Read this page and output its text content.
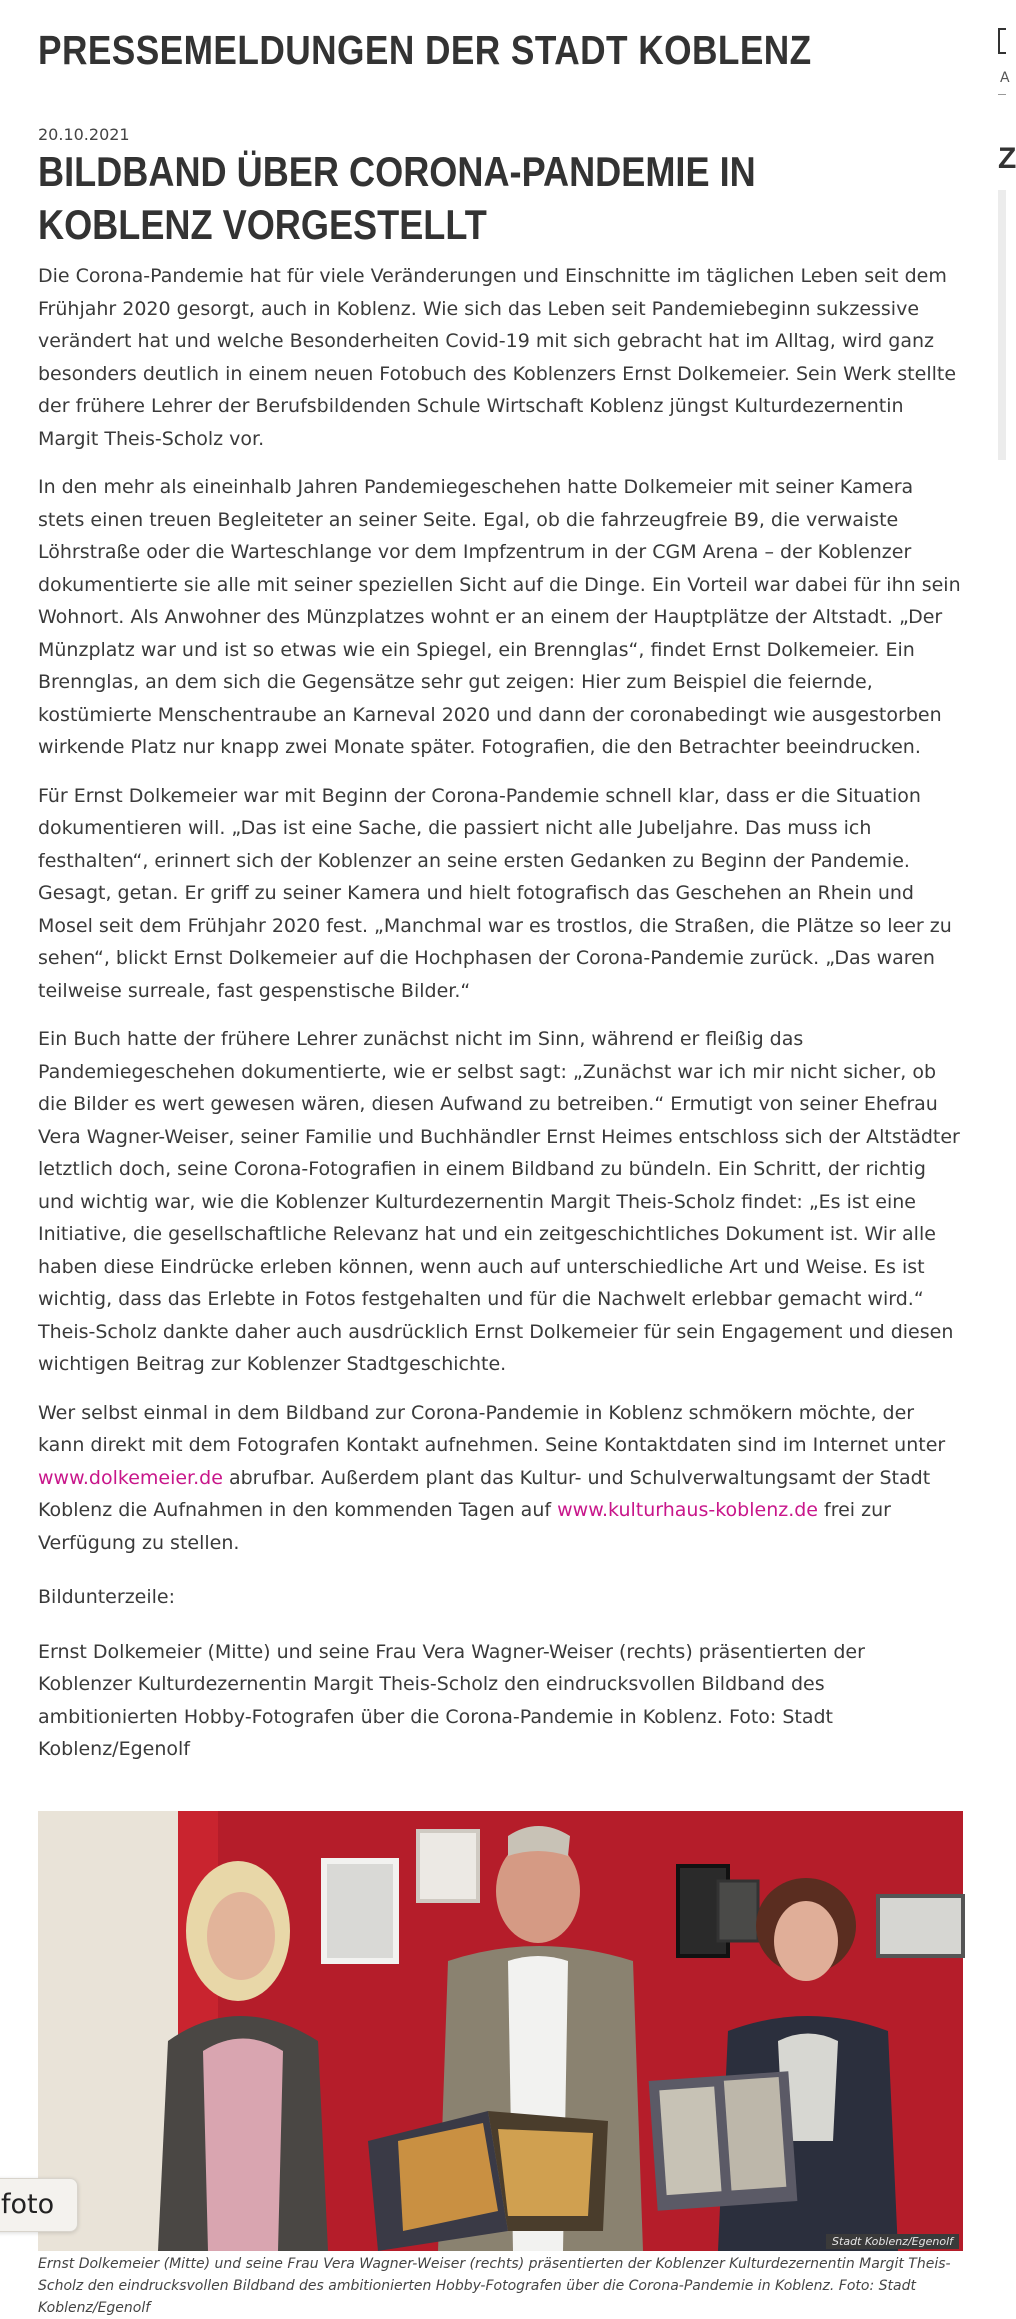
PRESSEMELDUNGEN DER STADT KOBLENZ
20.10.2021
BILDBAND ÜBER CORONA-PANDEMIE IN KOBLENZ VORGESTELLT

Die Corona-Pandemie hat für viele Veränderungen und Einschnitte im täglichen Leben seit dem Frühjahr 2020 gesorgt, auch in Koblenz. Wie sich das Leben seit Pandemiebeginn sukzessive verändert hat und welche Besonderheiten Covid-19 mit sich gebracht hat im Alltag, wird ganz besonders deutlich in einem neuen Fotobuch des Koblenzers Ernst Dolkemeier. Sein Werk stellte der frühere Lehrer der Berufsbildenden Schule Wirtschaft Koblenz jüngst Kulturdezernentin Margit Theis-Scholz vor.

In den mehr als eineinhalb Jahren Pandemiegeschehen hatte Dolkemeier mit seiner Kamera stets einen treuen Begleiteter an seiner Seite. Egal, ob die fahrzeugfreie B9, die verwaiste Löhrstraße oder die Warteschlange vor dem Impfzentrum in der CGM Arena – der Koblenzer dokumentierte sie alle mit seiner speziellen Sicht auf die Dinge. Ein Vorteil war dabei für ihn sein Wohnort. Als Anwohner des Münzplatzes wohnt er an einem der Hauptplätze der Altstadt. „Der Münzplatz war und ist so etwas wie ein Spiegel, ein Brennglas“, findet Ernst Dolkemeier. Ein Brennglas, an dem sich die Gegensätze sehr gut zeigen: Hier zum Beispiel die feiernde, kostümierte Menschentraube an Karneval 2020 und dann der coronabedingt wie ausgestorben wirkende Platz nur knapp zwei Monate später. Fotografien, die den Betrachter beeindrucken.

Für Ernst Dolkemeier war mit Beginn der Corona-Pandemie schnell klar, dass er die Situation dokumentieren will. „Das ist eine Sache, die passiert nicht alle Jubeljahre. Das muss ich festhalten“, erinnert sich der Koblenzer an seine ersten Gedanken zu Beginn der Pandemie. Gesagt, getan. Er griff zu seiner Kamera und hielt fotografisch das Geschehen an Rhein und Mosel seit dem Frühjahr 2020 fest. „Manchmal war es trostlos, die Straßen, die Plätze so leer zu sehen“, blickt Ernst Dolkemeier auf die Hochphasen der Corona-Pandemie zurück. „Das waren teilweise surreale, fast gespenstische Bilder.“

Ein Buch hatte der frühere Lehrer zunächst nicht im Sinn, während er fleißig das Pandemiegeschehen dokumentierte, wie er selbst sagt: „Zunächst war ich mir nicht sicher, ob die Bilder es wert gewesen wären, diesen Aufwand zu betreiben.“ Ermutigt von seiner Ehefrau Vera Wagner-Weiser, seiner Familie und Buchhändler Ernst Heimes entschloss sich der Altstädter letztlich doch, seine Corona-Fotografien in einem Bildband zu bündeln. Ein Schritt, der richtig und wichtig war, wie die Koblenzer Kulturdezernentin Margit Theis-Scholz findet: „Es ist eine Initiative, die gesellschaftliche Relevanz hat und ein zeitgeschichtliches Dokument ist. Wir alle haben diese Eindrücke erleben können, wenn auch auf unterschiedliche Art und Weise. Es ist wichtig, dass das Erlebte in Fotos festgehalten und für die Nachwelt erlebbar gemacht wird.“ Theis-Scholz dankte daher auch ausdrücklich Ernst Dolkemeier für sein Engagement und diesen wichtigen Beitrag zur Koblenzer Stadtgeschichte.

Wer selbst einmal in dem Bildband zur Corona-Pandemie in Koblenz schmökern möchte, der kann direkt mit dem Fotografen Kontakt aufnehmen. Seine Kontaktdaten sind im Internet unter www.dolkemeier.de abrufbar. Außerdem plant das Kultur- und Schulverwaltungsamt der Stadt Koblenz die Aufnahmen in den kommenden Tagen auf www.kulturhaus-koblenz.de frei zur Verfügung zu stellen.

Bildunterzeile:

Ernst Dolkemeier (Mitte) und seine Frau Vera Wagner-Weiser (rechts) präsentierten der Koblenzer Kulturdezernentin Margit Theis-Scholz den eindrucksvollen Bildband des ambitionierten Hobby-Fotografen über die Corona-Pandemie in Koblenz. Foto: Stadt Koblenz/Egenolf

Stadt Koblenz/Egenolf
Ernst Dolkemeier (Mitte) und seine Frau Vera Wagner-Weiser (rechts) präsentierten der Koblenzer Kulturdezernentin Margit Theis-Scholz den eindrucksvollen Bildband des ambitionierten Hobby-Fotografen über die Corona-Pandemie in Koblenz. Foto: Stadt Koblenz/Egenolf
foto
A
Z
